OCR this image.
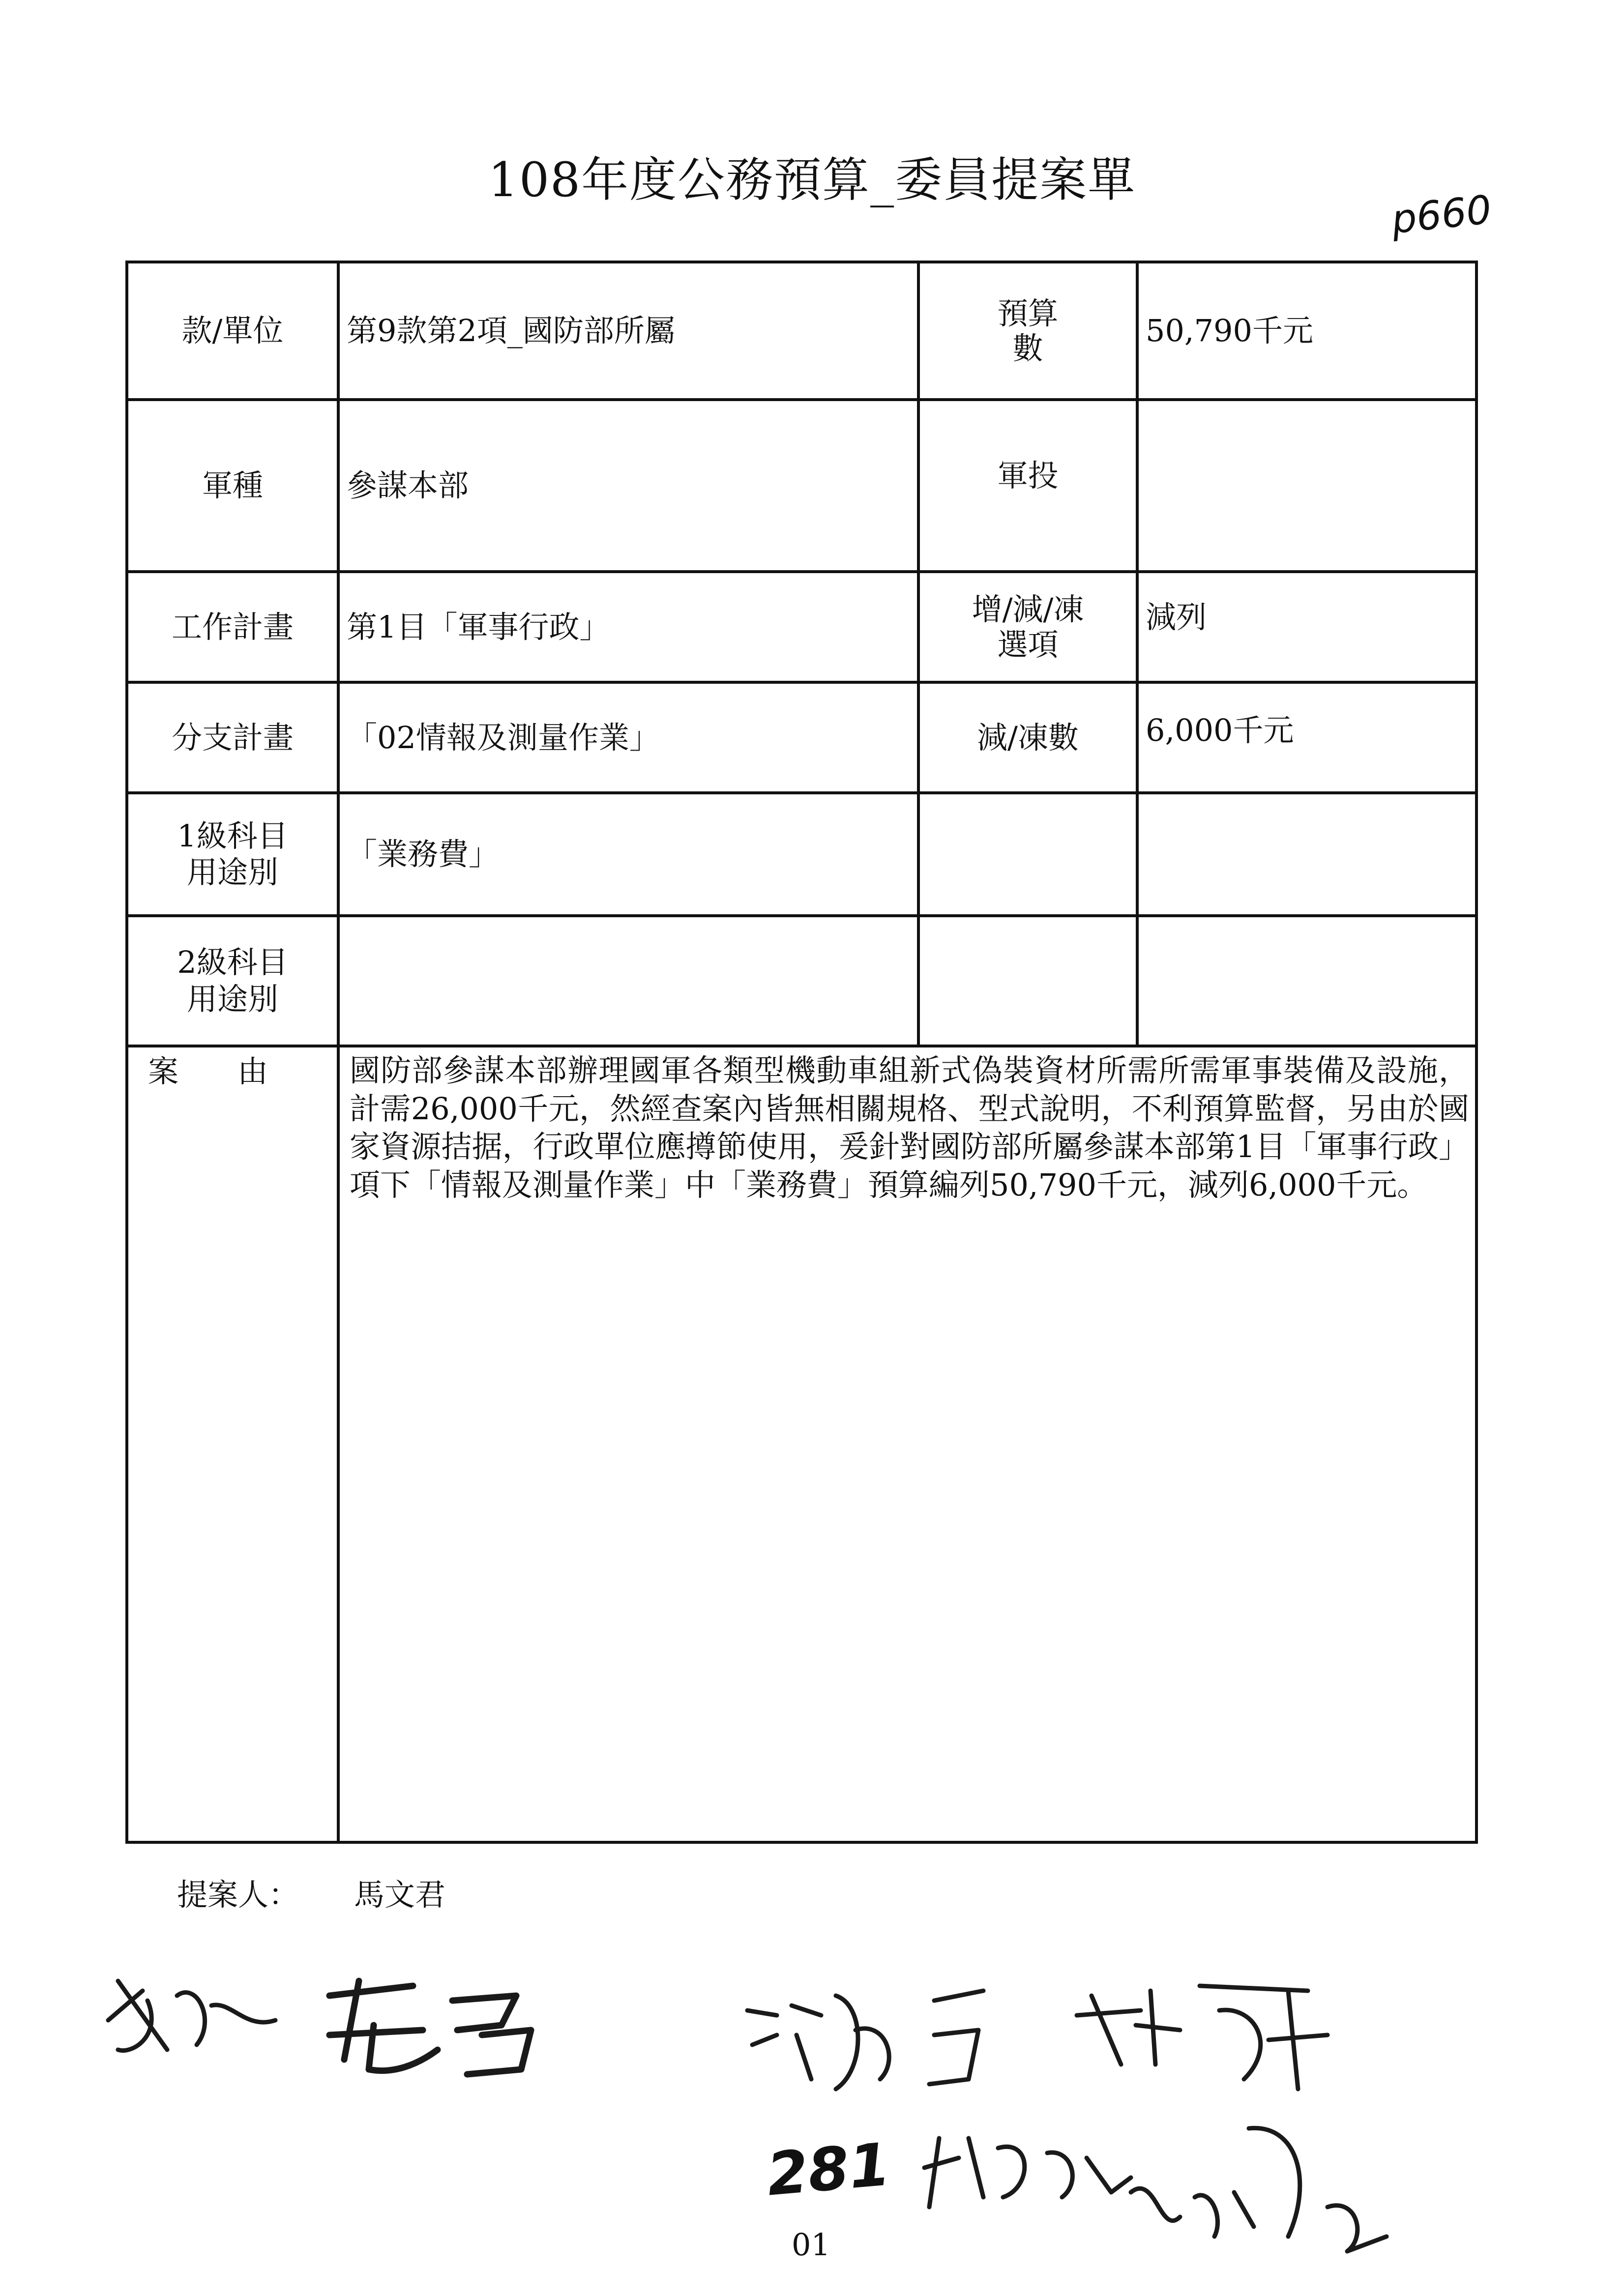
108年度公務預算_委員提案單
p660
款/單位	第9款第2項_國防部所屬	預算數	50,790千元
軍種	參謀本部	軍投	

工作計畫	第1目「軍事行政」	增/減/凍選項	減列

分支計畫	「02情報及測量作業」	減/凍數	6,000千元

1級科目用途別	「業務費」		

2級科目用途別			

案由	國防部參謀本部辦理國軍各類型機動車組新式偽裝資材所需所需軍事裝備及設施，計需26,000千元，然經查案內皆無相關規格、型式說明，不利預算監督，另由於國家資源拮据，行政單位應撙節使用，爰針對國防部所屬參謀本部第1目「軍事行政」項下「情報及測量作業」中「業務費」預算編列50,790千元，減列6,000千元。		
提案人： 馬文君
281
01
